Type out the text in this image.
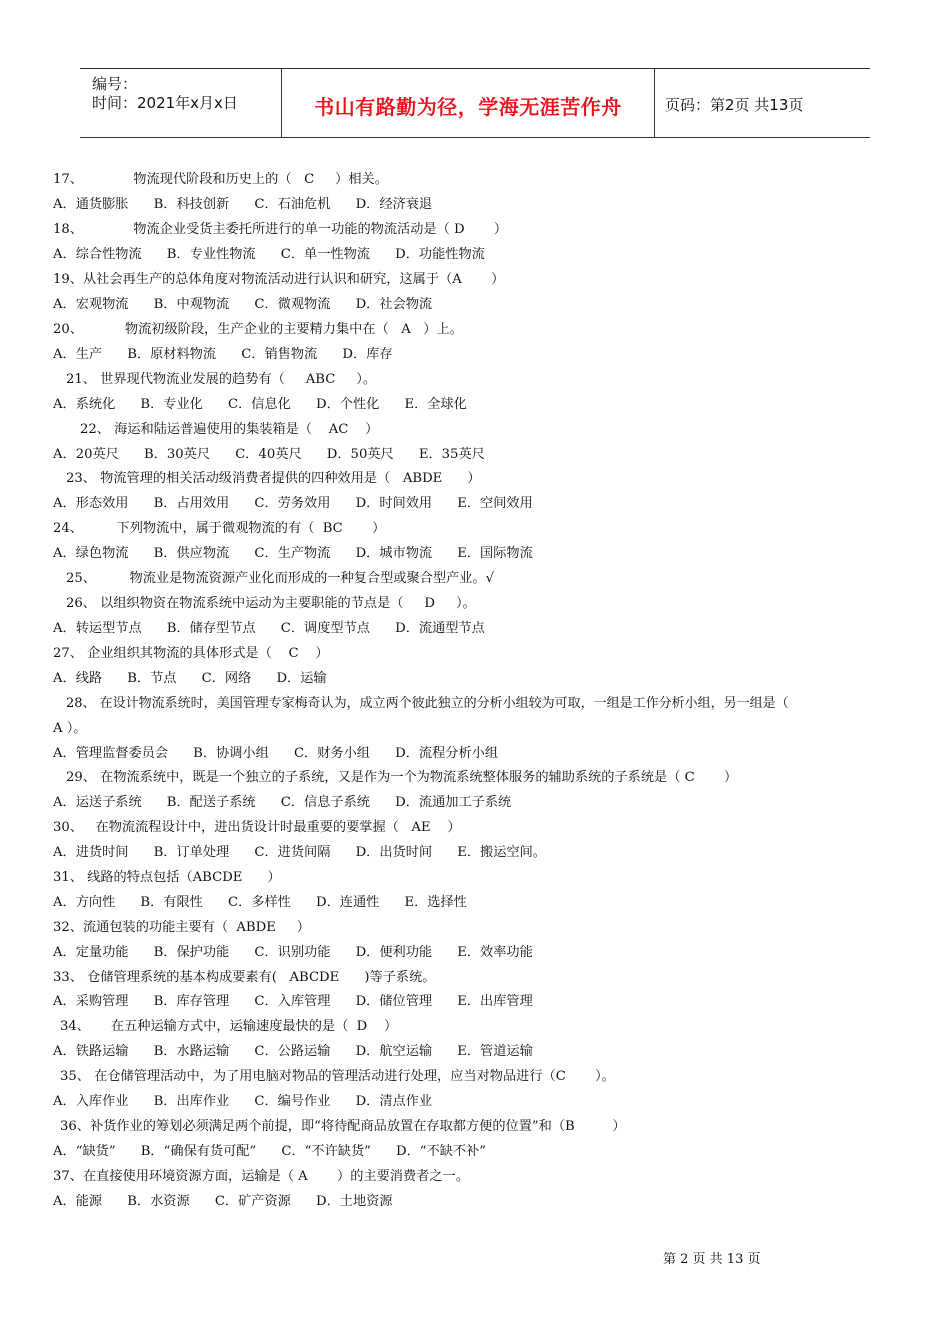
编号：
时间：2021年x月x日	书山有路勤为径，学海无涯苦作舟	页码：第2页 共13页
17、            物流现代阶段和历史上的（   C     ）相关。
A．通货膨胀      B．科技创新      C．石油危机      D．经济衰退
18、            物流企业受货主委托所进行的单一功能的物流活动是（ D       ）
A．综合性物流      B．专业性物流      C．单一性物流      D．功能性物流
19、从社会再生产的总体角度对物流活动进行认识和研究，这属于（A       ）
A．宏观物流      B．中观物流      C．微观物流      D．社会物流
20、          物流初级阶段，生产企业的主要精力集中在（   A   ）上。
A．生产      B．原材料物流      C．销售物流      D．库存
21、 世界现代物流业发展的趋势有（     ABC     ）。
A．系统化      B．专业化      C．信息化      D．个性化      E．全球化
22、 海运和陆运普遍使用的集装箱是（    AC    ）
A．20英尺      B．30英尺      C．40英尺      D．50英尺      E．35英尺
23、 物流管理的相关活动级消费者提供的四种效用是（   ABDE      ）
A．形态效用      B．占用效用      C．劳务效用      D．时间效用      E．空间效用
24、        下列物流中，属于微观物流的有（  BC       ）
A．绿色物流      B．供应物流      C．生产物流      D．城市物流      E．国际物流
25、        物流业是物流资源产业化而形成的一种复合型或聚合型产业。√
26、 以组织物资在物流系统中运动为主要职能的节点是（     D     ）。
A．转运型节点      B．储存型节点      C．调度型节点      D．流通型节点
27、 企业组织其物流的具体形式是（    C    ）
A．线路      B．节点      C．网络      D．运输
28、 在设计物流系统时，美国管理专家梅奇认为，成立两个彼此独立的分析小组较为可取，一组是工作分析小组，另一组是（
A ）。
A．管理监督委员会      B．协调小组      C．财务小组      D．流程分析小组
29、 在物流系统中，既是一个独立的子系统，又是作为一个为物流系统整体服务的辅助系统的子系统是（ C       ）
A．运送子系统      B．配送子系统      C．信息子系统      D．流通加工子系统
30、   在物流流程设计中，进出货设计时最重要的要掌握（   AE    ）
A．进货时间      B．订单处理      C．进货间隔      D．出货时间      E．搬运空间。
31、 线路的特点包括（ABCDE      ）
A．方向性      B．有限性      C．多样性      D．连通性      E．选择性
32、流通包装的功能主要有（  ABDE     ）
A．定量功能      B．保护功能      C．识别功能      D．便利功能      E．效率功能
33、 仓储管理系统的基本构成要素有(   ABCDE      )等子系统。
A．采购管理      B．库存管理      C．入库管理      D．储位管理      E．出库管理
34、     在五种运输方式中，运输速度最快的是（  D    ）
A．铁路运输      B．水路运输      C．公路运输      D．航空运输      E．管道运输
35、 在仓储管理活动中，为了用电脑对物品的管理活动进行处理，应当对物品进行（C       ）。
A．入库作业      B．出库作业      C．编号作业      D．清点作业
36、补货作业的筹划必须满足两个前提，即“将待配商品放置在存取都方便的位置”和（B         ）
A．“缺货”      B．“确保有货可配”      C．“不许缺货”      D．“不缺不补”
37、在直接使用环境资源方面，运输是（ A       ）的主要消费者之一。
A．能源      B．水资源      C．矿产资源      D．土地资源
第 2 页 共 13 页
